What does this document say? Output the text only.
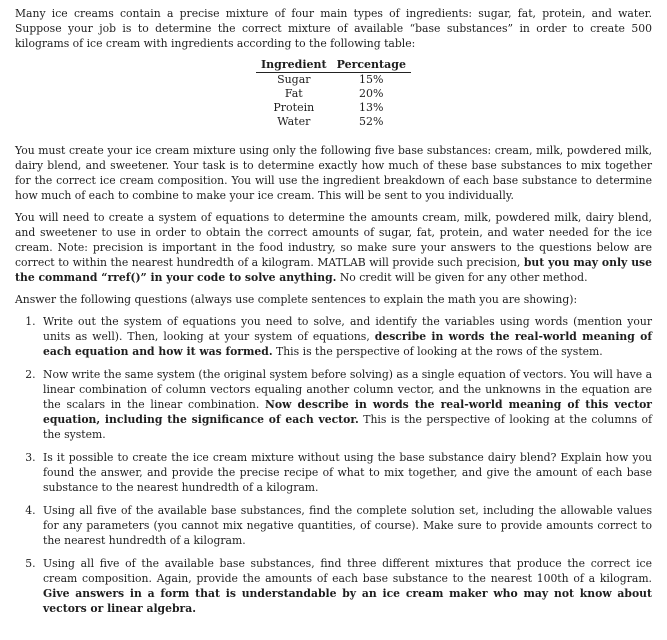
Many ice creams contain a precise mixture of four main types of ingredients: sugar, fat, protein, and water. Suppose your job is to determine the correct mixture of available “base substances” in order to create 500 kilograms of ice cream with ingredients according to the following table:

Ingredient	Percentage
Sugar	15%
Fat	20%
Protein	13%
Water	52%

You must create your ice cream mixture using only the following five base substances: cream, milk, powdered milk, dairy blend, and sweetener. Your task is to determine exactly how much of these base substances to mix together for the correct ice cream composition. You will use the ingredient breakdown of each base substance to determine how much of each to combine to make your ice cream. This will be sent to you individually.

You will need to create a system of equations to determine the amounts cream, milk, powdered milk, dairy blend, and sweetener to use in order to obtain the correct amounts of sugar, fat, protein, and water needed for the ice cream. Note: precision is important in the food industry, so make sure your answers to the questions below are correct to within the nearest hundredth of a kilogram. MATLAB will provide such precision, but you may only use the command “rref()” in your code to solve anything. No credit will be given for any other method.

Answer the following questions (always use complete sentences to explain the math you are showing):

1. Write out the system of equations you need to solve, and identify the variables using words (mention your units as well). Then, looking at your system of equations, describe in words the real-world meaning of each equation and how it was formed. This is the perspective of looking at the rows of the system.
2. Now write the same system (the original system before solving) as a single equation of vectors. You will have a linear combination of column vectors equaling another column vector, and the unknowns in the equation are the scalars in the linear combination. Now describe in words the real-world meaning of this vector equation, including the significance of each vector. This is the perspective of looking at the columns of the system.
3. Is it possible to create the ice cream mixture without using the base substance dairy blend? Explain how you found the answer, and provide the precise recipe of what to mix together, and give the amount of each base substance to the nearest hundredth of a kilogram.
4. Using all five of the available base substances, find the complete solution set, including the allowable values for any parameters (you cannot mix negative quantities, of course). Make sure to provide amounts correct to the nearest hundredth of a kilogram.
5. Using all five of the available base substances, find three different mixtures that produce the correct ice cream composition. Again, provide the amounts of each base substance to the nearest 100th of a kilogram. Give answers in a form that is understandable by an ice cream maker who may not know about vectors or linear algebra.
